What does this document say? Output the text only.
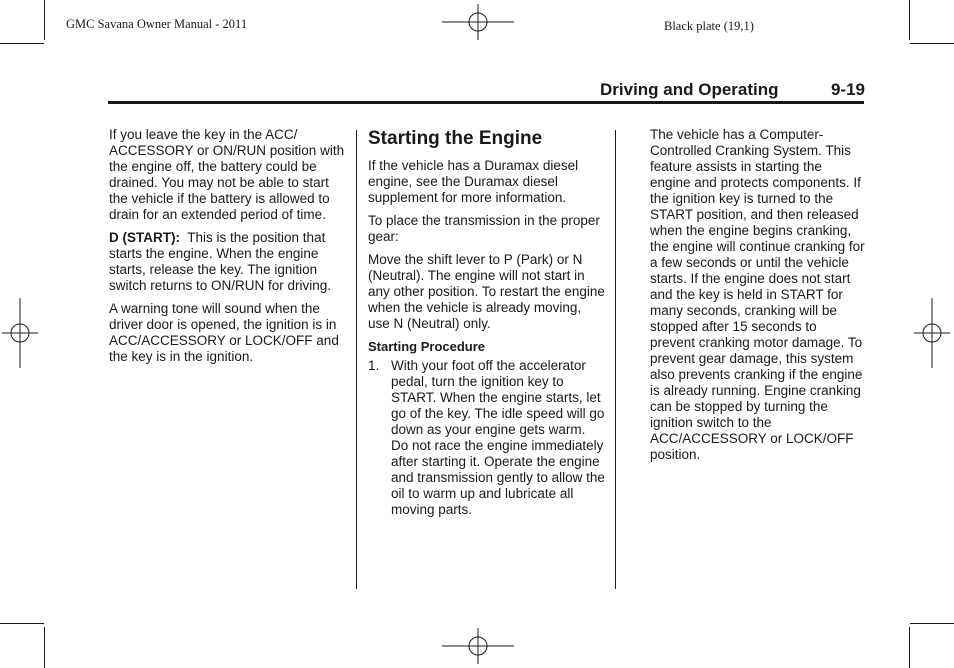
GMC Savana Owner Manual - 2011	Black plate (19,1)
Driving and Operating	9-19

If you leave the key in the ACC/ ACCESSORY or ON/RUN position with the engine off, the battery could be drained. You may not be able to start the vehicle if the battery is allowed to drain for an extended period of time.

D (START): This is the position that starts the engine. When the engine starts, release the key. The ignition switch returns to ON/RUN for driving.

A warning tone will sound when the driver door is opened, the ignition is in ACC/ACCESSORY or LOCK/OFF and the key is in the ignition.

Starting the Engine

If the vehicle has a Duramax diesel engine, see the Duramax diesel supplement for more information.

To place the transmission in the proper gear:

Move the shift lever to P (Park) or N (Neutral). The engine will not start in any other position. To restart the engine when the vehicle is already moving, use N (Neutral) only.

Starting Procedure
1. With your foot off the accelerator pedal, turn the ignition key to START. When the engine starts, let go of the key. The idle speed will go down as your engine gets warm. Do not race the engine immediately after starting it. Operate the engine and transmission gently to allow the oil to warm up and lubricate all moving parts.

The vehicle has a Computer-Controlled Cranking System. This feature assists in starting the engine and protects components. If the ignition key is turned to the START position, and then released when the engine begins cranking, the engine will continue cranking for a few seconds or until the vehicle starts. If the engine does not start and the key is held in START for many seconds, cranking will be stopped after 15 seconds to prevent cranking motor damage. To prevent gear damage, this system also prevents cranking if the engine is already running. Engine cranking can be stopped by turning the ignition switch to the ACC/ACCESSORY or LOCK/OFF position.
